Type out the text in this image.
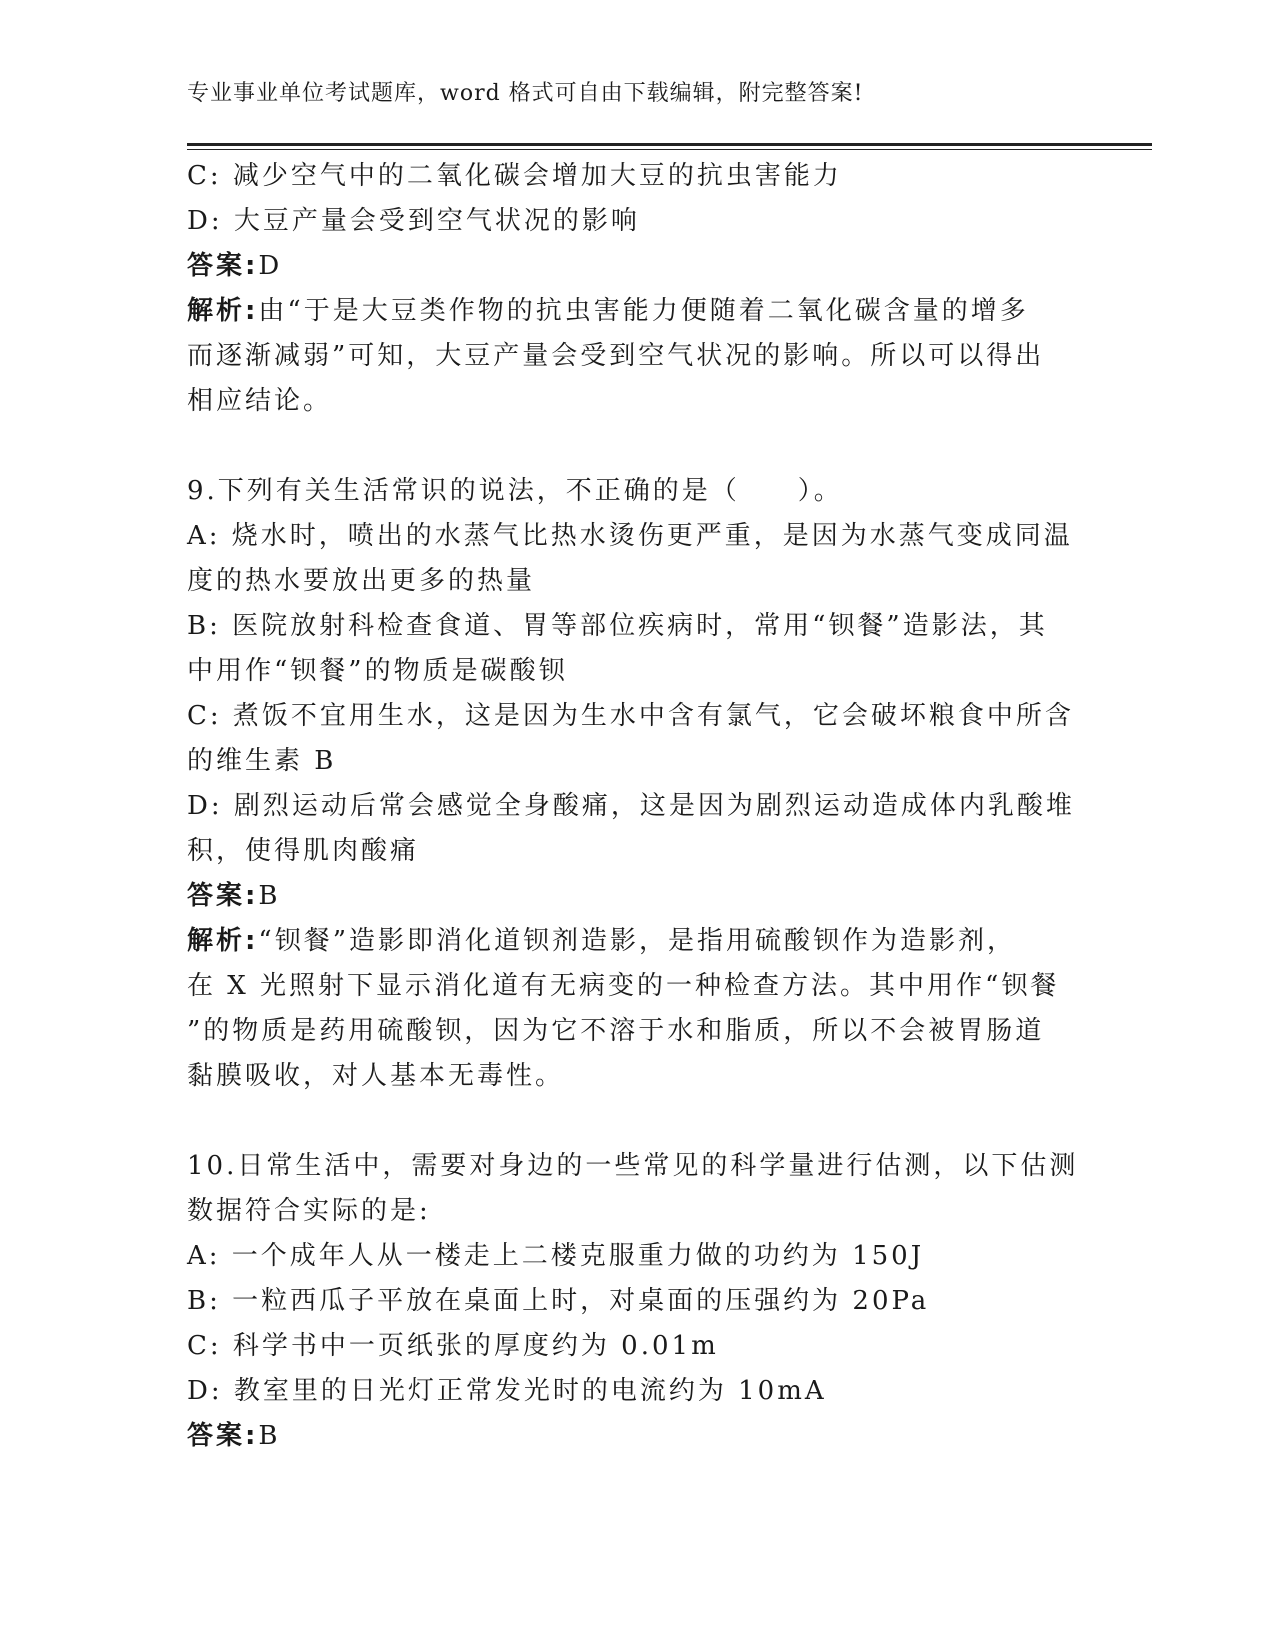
专业事业单位考试题库，word 格式可自由下载编辑，附完整答案!
C: 减少空气中的二氧化碳会增加大豆的抗虫害能力
D: 大豆产量会受到空气状况的影响
答案:D
解析:由“于是大豆类作物的抗虫害能力便随着二氧化碳含量的增多
而逐渐减弱”可知，大豆产量会受到空气状况的影响。所以可以得出
相应结论。
9.下列有关生活常识的说法，不正确的是（　　）。
A: 烧水时，喷出的水蒸气比热水烫伤更严重，是因为水蒸气变成同温
度的热水要放出更多的热量
B: 医院放射科检查食道、胃等部位疾病时，常用“钡餐”造影法，其
中用作“钡餐”的物质是碳酸钡
C: 煮饭不宜用生水，这是因为生水中含有氯气，它会破坏粮食中所含
的维生素 B
D: 剧烈运动后常会感觉全身酸痛，这是因为剧烈运动造成体内乳酸堆
积，使得肌肉酸痛
答案:B
解析:“钡餐”造影即消化道钡剂造影，是指用硫酸钡作为造影剂，
在 X 光照射下显示消化道有无病变的一种检查方法。其中用作“钡餐
”的物质是药用硫酸钡，因为它不溶于水和脂质，所以不会被胃肠道
黏膜吸收，对人基本无毒性。
10.日常生活中，需要对身边的一些常见的科学量进行估测，以下估测
数据符合实际的是:
A: 一个成年人从一楼走上二楼克服重力做的功约为 150J
B: 一粒西瓜子平放在桌面上时，对桌面的压强约为 20Pa
C: 科学书中一页纸张的厚度约为 0.01m
D: 教室里的日光灯正常发光时的电流约为 10mA
答案:B
